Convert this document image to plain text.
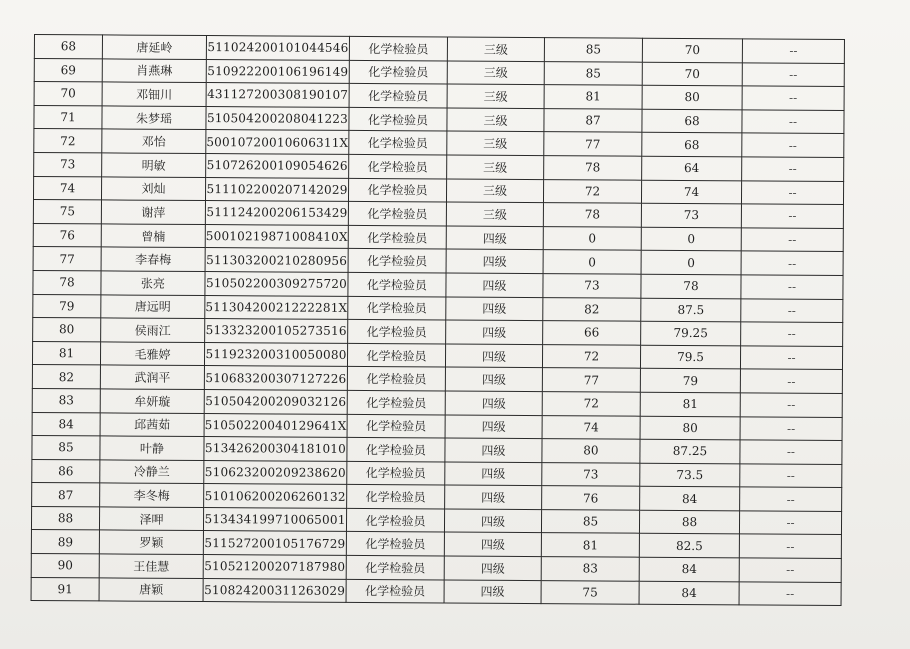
68	唐延岭	511024200101044546	化学检验员	三级	85	70	--
69	肖燕琳	510922200106196149	化学检验员	三级	85	70	--
70	邓钿川	431127200308190107	化学检验员	三级	81	80	--
71	朱梦瑶	510504200208041223	化学检验员	三级	87	68	--
72	邓怡	50010720010606311X	化学检验员	三级	77	68	--
73	明敏	510726200109054626	化学检验员	三级	78	64	--
74	刘灿	511102200207142029	化学检验员	三级	72	74	--
75	谢萍	511124200206153429	化学检验员	三级	78	73	--
76	曾楠	50010219871008410X	化学检验员	四级	0	0	--
77	李春梅	511303200210280956	化学检验员	四级	0	0	--
78	张亮	510502200309275720	化学检验员	四级	73	78	--
79	唐远明	51130420021222281X	化学检验员	四级	82	87.5	--
80	侯雨江	513323200105273516	化学检验员	四级	66	79.25	--
81	毛雅婷	511923200310050080	化学检验员	四级	72	79.5	--
82	武润平	510683200307127226	化学检验员	四级	77	79	--
83	牟妍璇	510504200209032126	化学检验员	四级	72	81	--
84	邱茜茹	51050220040129641X	化学检验员	四级	74	80	--
85	叶静	513426200304181010	化学检验员	四级	80	87.25	--
86	冷静兰	510623200209238620	化学检验员	四级	73	73.5	--
87	李冬梅	510106200206260132	化学检验员	四级	76	84	--
88	泽呷	513434199710065001	化学检验员	四级	85	88	--
89	罗颖	511527200105176729	化学检验员	四级	81	82.5	--
90	王佳慧	510521200207187980	化学检验员	四级	83	84	--
91	唐颖	510824200311263029	化学检验员	四级	75	84	--
